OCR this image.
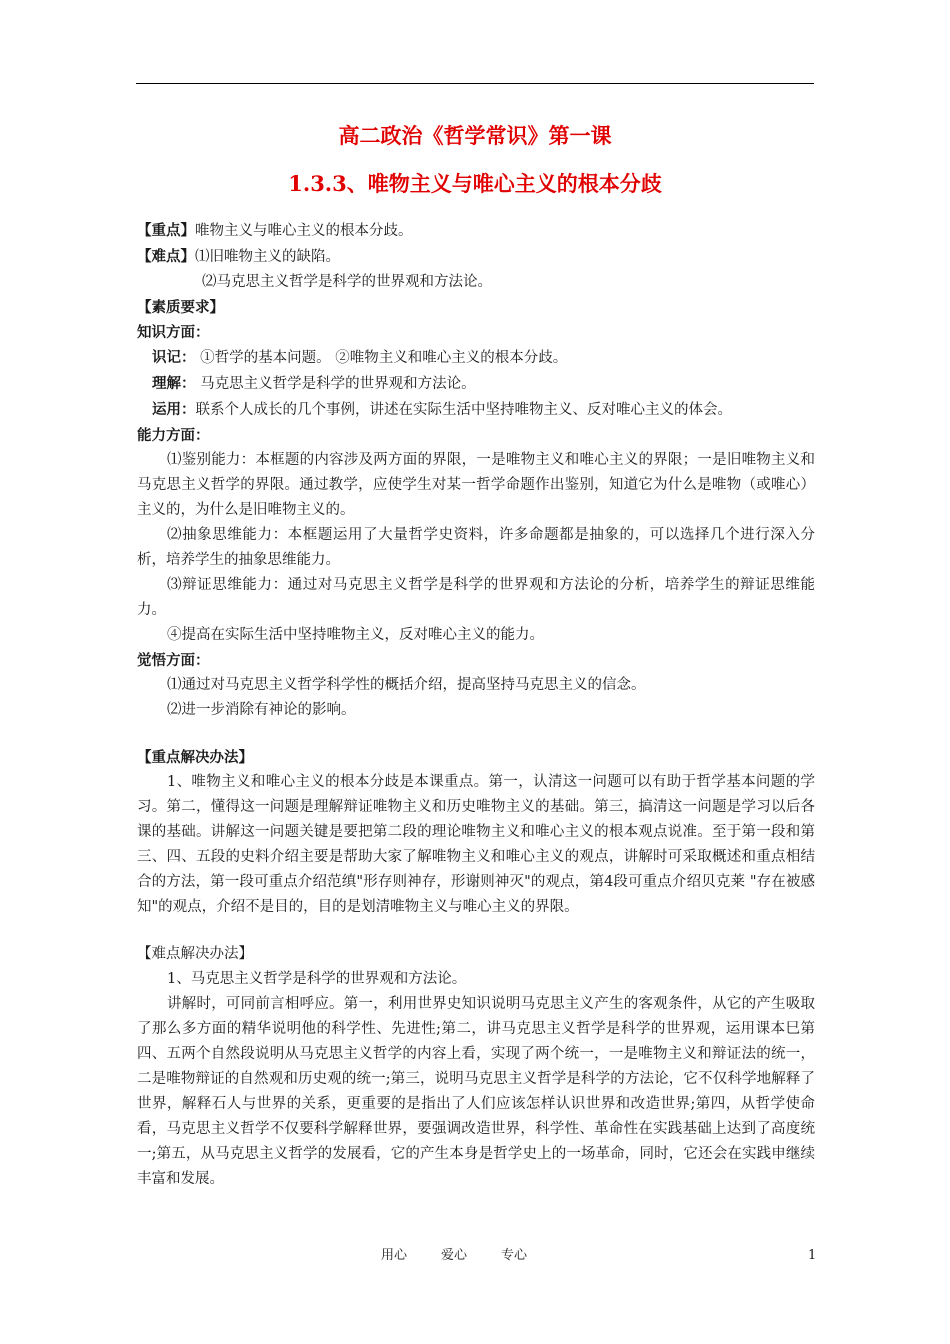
高二政治《哲学常识》第一课
1.3.3、唯物主义与唯心主义的根本分歧

【重点】唯物主义与唯心主义的根本分歧。

【难点】⑴旧唯物主义的缺陷。

⑵马克思主义哲学是科学的世界观和方法论。

【素质要求】

知识方面：

识记： ①哲学的基本问题。 ②唯物主义和唯心主义的根本分歧。

理解： 马克思主义哲学是科学的世界观和方法论。

运用：联系个人成长的几个事例，讲述在实际生活中坚持唯物主义、反对唯心主义的体会。

能力方面：

⑴鉴别能力：本框题的内容涉及两方面的界限，一是唯物主义和唯心主义的界限；一是旧唯物主义和马克思主义哲学的界限。通过教学，应使学生对某一哲学命题作出鉴别，知道它为什么是唯物（或唯心）主义的，为什么是旧唯物主义的。

⑵抽象思维能力：本框题运用了大量哲学史资料，许多命题都是抽象的，可以选择几个进行深入分析，培养学生的抽象思维能力。

⑶辩证思维能力：通过对马克思主义哲学是科学的世界观和方法论的分析，培养学生的辩证思维能力。

④提高在实际生活中坚持唯物主义，反对唯心主义的能力。

觉悟方面：

⑴通过对马克思主义哲学科学性的概括介绍，提高坚持马克思主义的信念。

⑵进一步消除有神论的影响。

【重点解决办法】

1、唯物主义和唯心主义的根本分歧是本课重点。第一，认清这一问题可以有助于哲学基本问题的学习。第二，懂得这一问题是理解辩证唯物主义和历史唯物主义的基础。第三，搞清这一问题是学习以后各课的基础。讲解这一问题关键是要把第二段的理论唯物主义和唯心主义的根本观点说准。至于第一段和第三、四、五段的史料介绍主要是帮助大家了解唯物主义和唯心主义的观点，讲解时可采取概述和重点相结合的方法，第一段可重点介绍范缜"形存则神存，形谢则神灭"的观点，第4段可重点介绍贝克莱 "存在被感知"的观点，介绍不是目的，目的是划清唯物主义与唯心主义的界限。

【难点解决办法】

1、马克思主义哲学是科学的世界观和方法论。

讲解时，可同前言相呼应。第一，利用世界史知识说明马克思主义产生的客观条件，从它的产生吸取了那么多方面的精华说明他的科学性、先进性;第二，讲马克思主义哲学是科学的世界观，运用课本巳第四、五两个自然段说明从马克思主义哲学的内容上看，实现了两个统一，一是唯物主义和辩证法的统一，二是唯物辩证的自然观和历史观的统一;第三，说明马克思主义哲学是科学的方法论，它不仅科学地解释了世界，解释石人与世界的关系，更重要的是指出了人们应该怎样认识世界和改造世界;第四，从哲学使命看，马克思主义哲学不仅要科学解释世界，要强调改造世界，科学性、革命性在实践基础上达到了高度统一;第五，从马克思主义哲学的发展看，它的产生本身是哲学史上的一场革命，同时，它还会在实践申继续丰富和发展。

用心	爱心	专心	1
